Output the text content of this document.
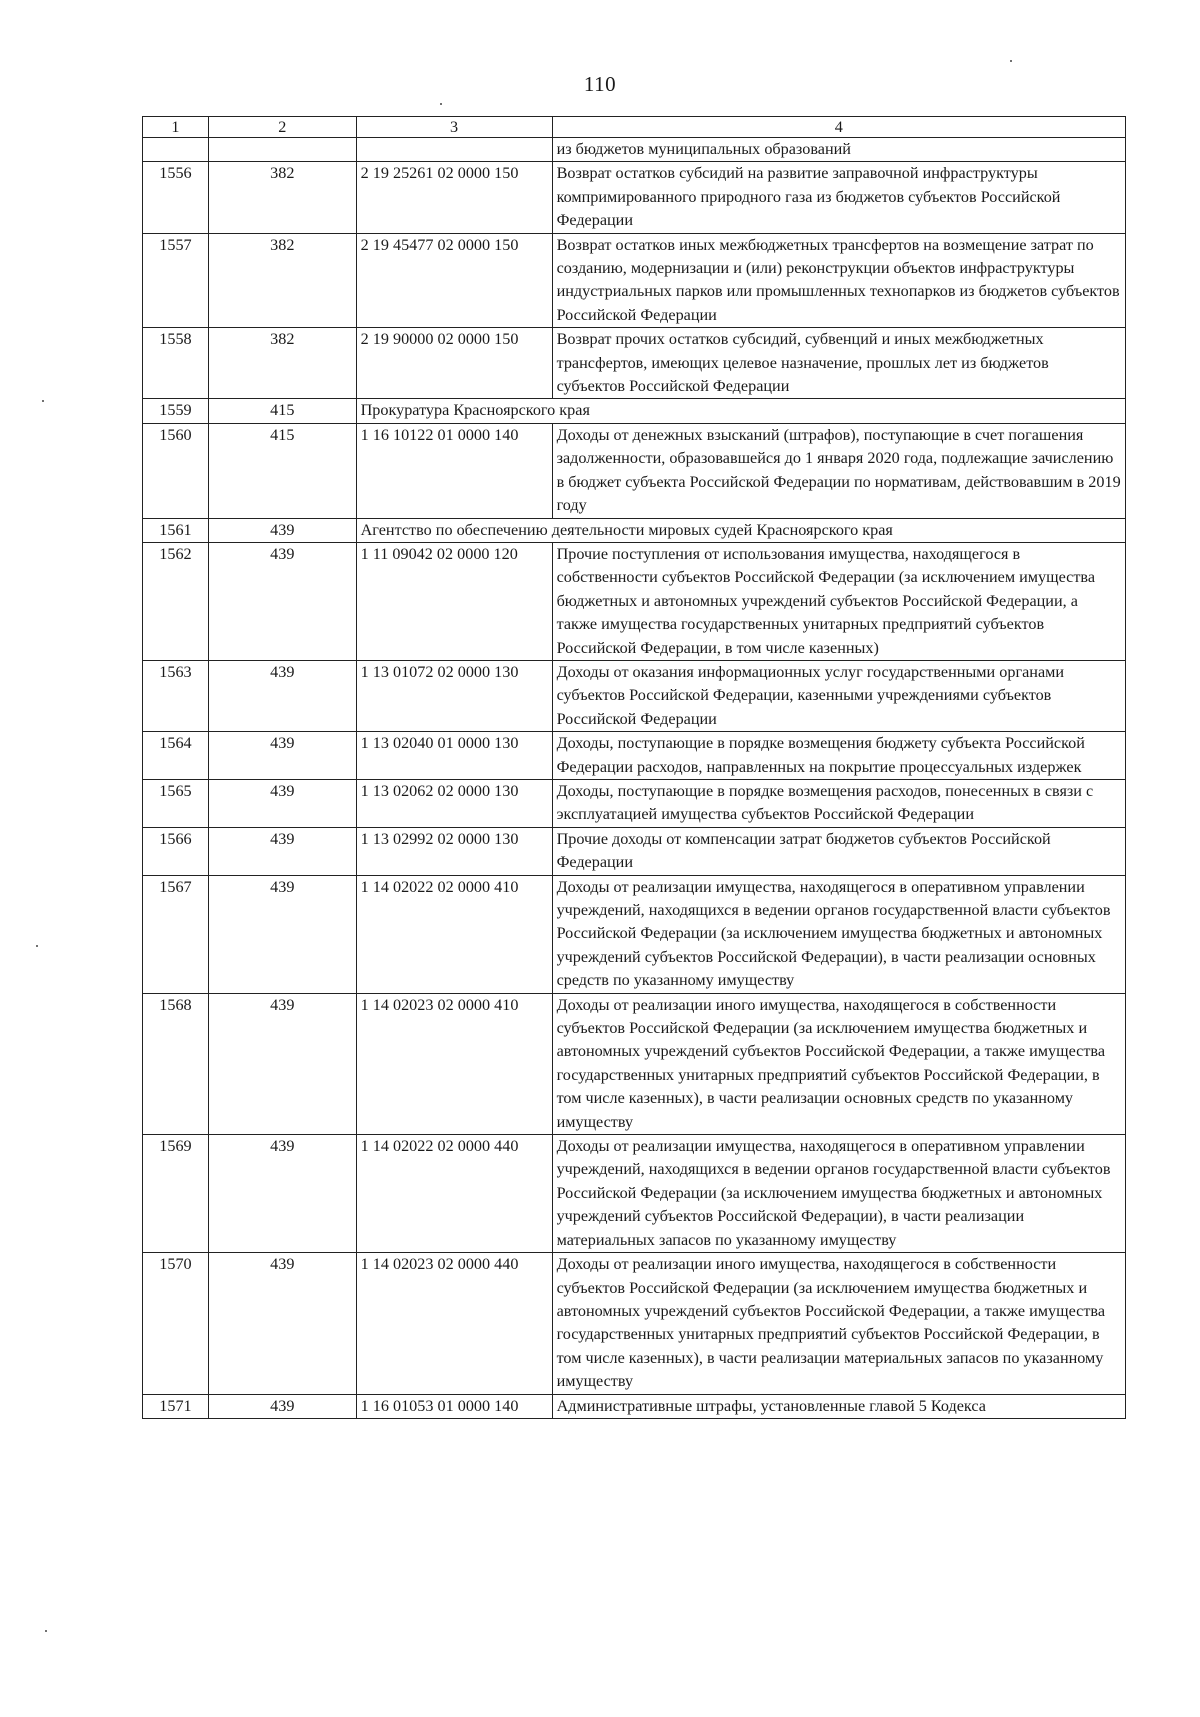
110
1	2	3	4
			из бюджетов муниципальных образований
1556	382	2 19 25261 02 0000 150	Возврат остатков субсидий на развитие заправочной инфраструктуры компримированного природного газа из бюджетов субъектов Российской Федерации
1557	382	2 19 45477 02 0000 150	Возврат остатков иных межбюджетных трансфертов на возмещение затрат по созданию, модернизации и (или) реконструкции объектов инфраструктуры индустриальных парков или промышленных технопарков из бюджетов субъектов Российской Федерации
1558	382	2 19 90000 02 0000 150	Возврат прочих остатков субсидий, субвенций и иных межбюджетных трансфертов, имеющих целевое назначение, прошлых лет из бюджетов субъектов Российской Федерации
1559	415	Прокуратура Красноярского края	
1560	415	1 16 10122 01 0000 140	Доходы от денежных взысканий (штрафов), поступающие в счет погашения задолженности, образовавшейся до 1 января 2020 года, подлежащие зачислению в бюджет субъекта Российской Федерации по нормативам, действовавшим в 2019 году
1561	439	Агентство по обеспечению деятельности мировых судей Красноярского края	
1562	439	1 11 09042 02 0000 120	Прочие поступления от использования имущества, находящегося в собственности субъектов Российской Федерации (за исключением имущества бюджетных и автономных учреждений субъектов Российской Федерации, а также имущества государственных унитарных предприятий субъектов Российской Федерации, в том числе казенных)
1563	439	1 13 01072 02 0000 130	Доходы от оказания информационных услуг государственными органами субъектов Российской Федерации, казенными учреждениями субъектов Российской Федерации
1564	439	1 13 02040 01 0000 130	Доходы, поступающие в порядке возмещения бюджету субъекта Российской Федерации расходов, направленных на покрытие процессуальных издержек
1565	439	1 13 02062 02 0000 130	Доходы, поступающие в порядке возмещения расходов, понесенных в связи с эксплуатацией имущества субъектов Российской Федерации
1566	439	1 13 02992 02 0000 130	Прочие доходы от компенсации затрат бюджетов субъектов Российской Федерации
1567	439	1 14 02022 02 0000 410	Доходы от реализации имущества, находящегося в оперативном управлении учреждений, находящихся в ведении органов государственной власти субъектов Российской Федерации (за исключением имущества бюджетных и автономных учреждений субъектов Российской Федерации), в части реализации основных средств по указанному имуществу
1568	439	1 14 02023 02 0000 410	Доходы от реализации иного имущества, находящегося в собственности субъектов Российской Федерации (за исключением имущества бюджетных и автономных учреждений субъектов Российской Федерации, а также имущества государственных унитарных предприятий субъектов Российской Федерации, в том числе казенных), в части реализации основных средств по указанному имуществу
1569	439	1 14 02022 02 0000 440	Доходы от реализации имущества, находящегося в оперативном управлении учреждений, находящихся в ведении органов государственной власти субъектов Российской Федерации (за исключением имущества бюджетных и автономных учреждений субъектов Российской Федерации), в части реализации материальных запасов по указанному имуществу
1570	439	1 14 02023 02 0000 440	Доходы от реализации иного имущества, находящегося в собственности субъектов Российской Федерации (за исключением имущества бюджетных и автономных учреждений субъектов Российской Федерации, а также имущества государственных унитарных предприятий субъектов Российской Федерации, в том числе казенных), в части реализации материальных запасов по указанному имуществу
1571	439	1 16 01053 01 0000 140	Административные штрафы, установленные главой 5 Кодекса
